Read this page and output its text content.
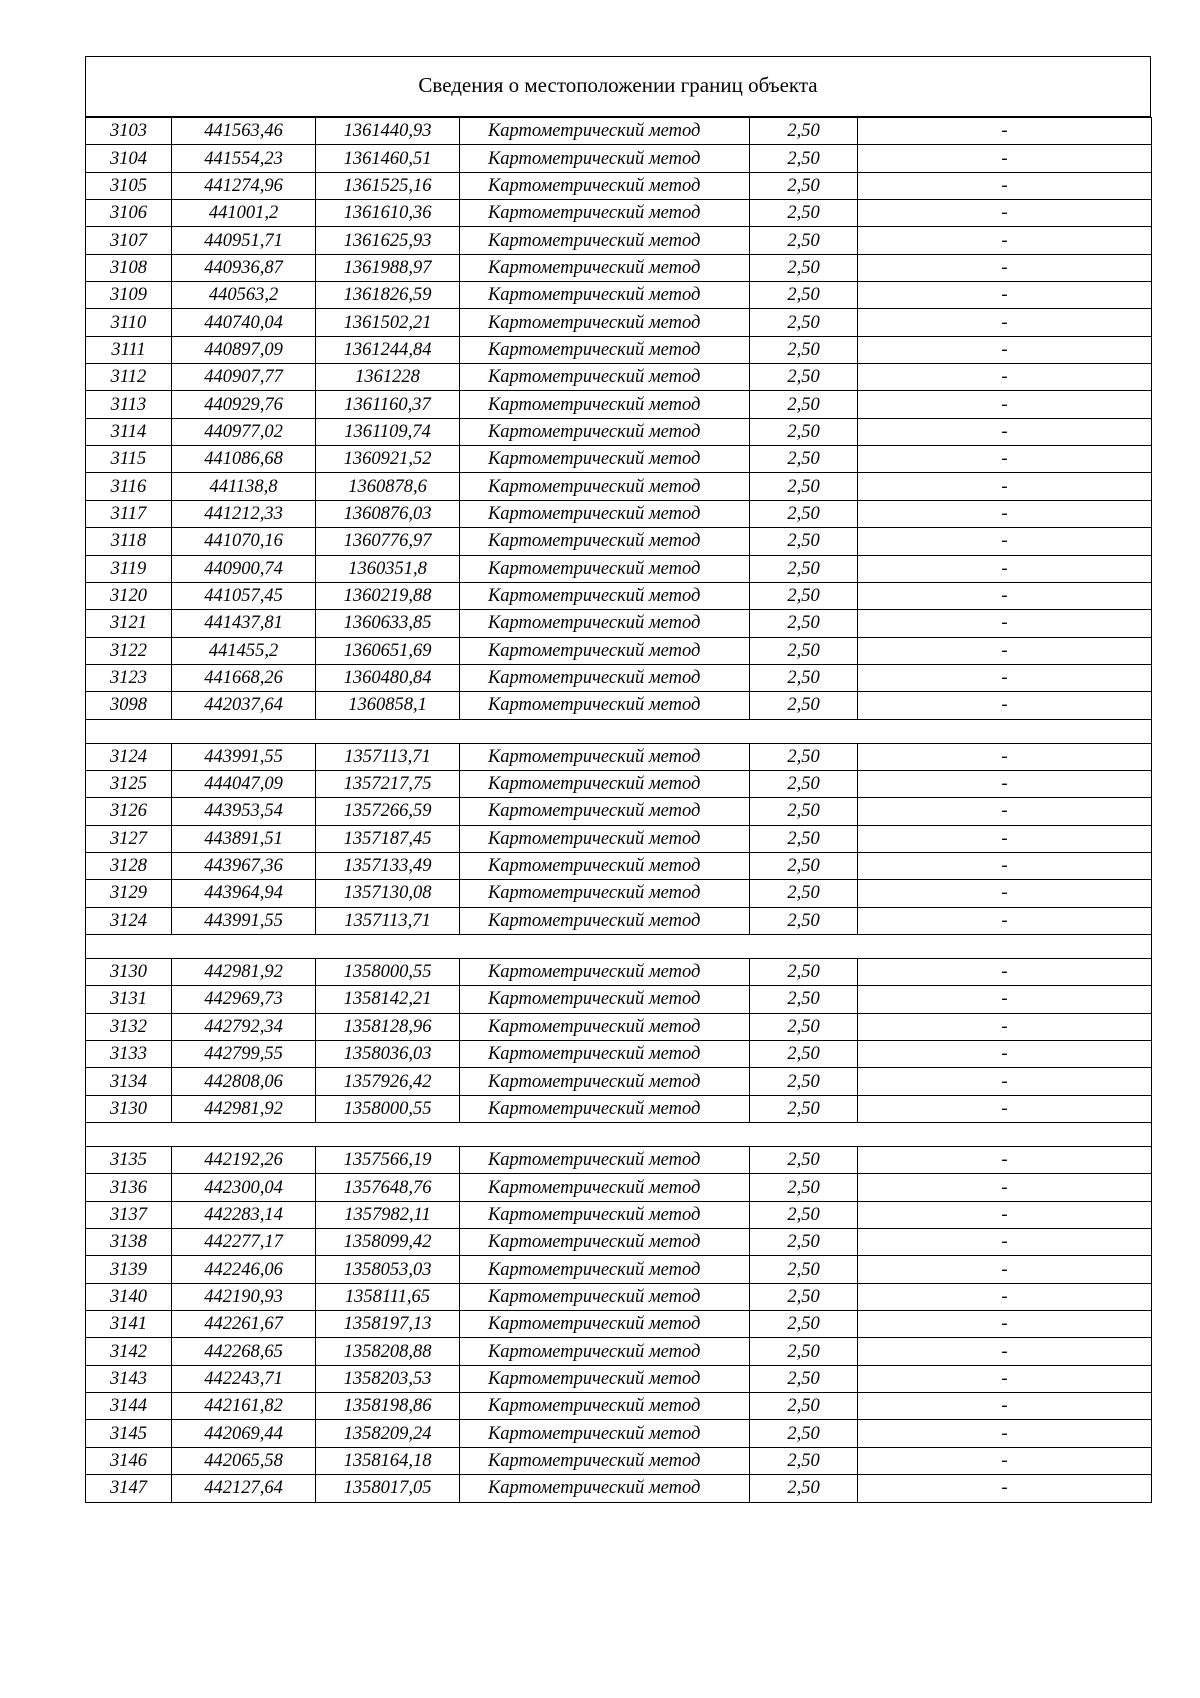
Сведения о местоположении границ объекта
3103	441563,46	1361440,93	Картометрический метод	2,50	-
3104	441554,23	1361460,51	Картометрический метод	2,50	-
3105	441274,96	1361525,16	Картометрический метод	2,50	-
3106	441001,2	1361610,36	Картометрический метод	2,50	-
3107	440951,71	1361625,93	Картометрический метод	2,50	-
3108	440936,87	1361988,97	Картометрический метод	2,50	-
3109	440563,2	1361826,59	Картометрический метод	2,50	-
3110	440740,04	1361502,21	Картометрический метод	2,50	-
3111	440897,09	1361244,84	Картометрический метод	2,50	-
3112	440907,77	1361228	Картометрический метод	2,50	-
3113	440929,76	1361160,37	Картометрический метод	2,50	-
3114	440977,02	1361109,74	Картометрический метод	2,50	-
3115	441086,68	1360921,52	Картометрический метод	2,50	-
3116	441138,8	1360878,6	Картометрический метод	2,50	-
3117	441212,33	1360876,03	Картометрический метод	2,50	-
3118	441070,16	1360776,97	Картометрический метод	2,50	-
3119	440900,74	1360351,8	Картометрический метод	2,50	-
3120	441057,45	1360219,88	Картометрический метод	2,50	-
3121	441437,81	1360633,85	Картометрический метод	2,50	-
3122	441455,2	1360651,69	Картометрический метод	2,50	-
3123	441668,26	1360480,84	Картометрический метод	2,50	-
3098	442037,64	1360858,1	Картометрический метод	2,50	-

3124	443991,55	1357113,71	Картометрический метод	2,50	-
3125	444047,09	1357217,75	Картометрический метод	2,50	-
3126	443953,54	1357266,59	Картометрический метод	2,50	-
3127	443891,51	1357187,45	Картометрический метод	2,50	-
3128	443967,36	1357133,49	Картометрический метод	2,50	-
3129	443964,94	1357130,08	Картометрический метод	2,50	-
3124	443991,55	1357113,71	Картометрический метод	2,50	-

3130	442981,92	1358000,55	Картометрический метод	2,50	-
3131	442969,73	1358142,21	Картометрический метод	2,50	-
3132	442792,34	1358128,96	Картометрический метод	2,50	-
3133	442799,55	1358036,03	Картометрический метод	2,50	-
3134	442808,06	1357926,42	Картометрический метод	2,50	-
3130	442981,92	1358000,55	Картометрический метод	2,50	-

3135	442192,26	1357566,19	Картометрический метод	2,50	-
3136	442300,04	1357648,76	Картометрический метод	2,50	-
3137	442283,14	1357982,11	Картометрический метод	2,50	-
3138	442277,17	1358099,42	Картометрический метод	2,50	-
3139	442246,06	1358053,03	Картометрический метод	2,50	-
3140	442190,93	1358111,65	Картометрический метод	2,50	-
3141	442261,67	1358197,13	Картометрический метод	2,50	-
3142	442268,65	1358208,88	Картометрический метод	2,50	-
3143	442243,71	1358203,53	Картометрический метод	2,50	-
3144	442161,82	1358198,86	Картометрический метод	2,50	-
3145	442069,44	1358209,24	Картометрический метод	2,50	-
3146	442065,58	1358164,18	Картометрический метод	2,50	-
3147	442127,64	1358017,05	Картометрический метод	2,50	-
